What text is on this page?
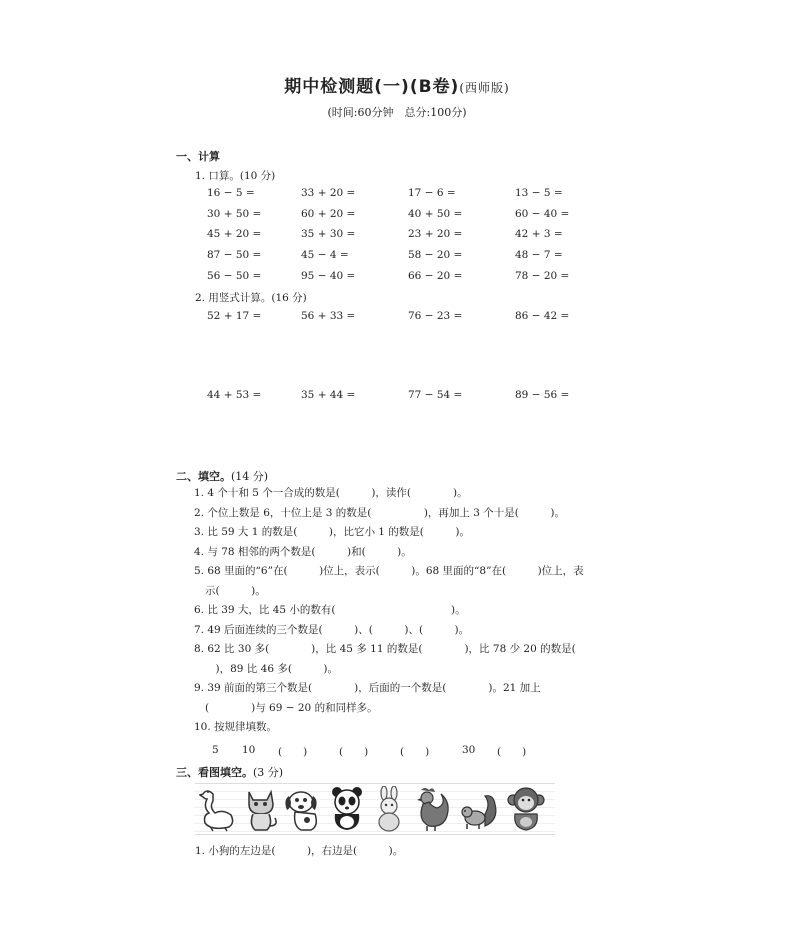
期中检测题(一)(B卷)(西师版)
(时间:60分钟　总分:100分)
一、计算
1. 口算。(10 分)
16 − 5 =	33 + 20 =	17 − 6 =	13 − 5 =
30 + 50 =	60 + 20 =	40 + 50 =	60 − 40 =
45 + 20 =	35 + 30 =	23 + 20 =	42 + 3 =
87 − 50 =	45 − 4 =	58 − 20 =	48 − 7 =
56 − 50 =	95 − 40 =	66 − 20 =	78 − 20 =
2. 用竖式计算。(16 分)
52 + 17 =	56 + 33 =	76 − 23 =	86 − 42 =
44 + 53 =	35 + 44 =	77 − 54 =	89 − 56 =
二、填空。(14 分)
1. 4 个十和 5 个一合成的数是(　　　)，读作(　　　　)。
2. 个位上数是 6，十位上是 3 的数是(　　　　　)，再加上 3 个十是(　　　)。
3. 比 59 大 1 的数是(　　　)，比它小 1 的数是(　　　)。
4. 与 78 相邻的两个数是(　　　)和(　　　)。
5. 68 里面的“6”在(　　　)位上，表示(　　　)。68 里面的“8”在(　　　)位上，表
示(　　　)。
6. 比 39 大，比 45 小的数有(　　　　　　　　　　　)。
7. 49 后面连续的三个数是(　　　)、(　　　)、(　　　)。
8. 62 比 30 多(　　　　)，比 45 多 11 的数是(　　　　)，比 78 少 20 的数是(
　)，89 比 46 多(　　　)。
9. 39 前面的第三个数是(　　　　)，后面的一个数是(　　　　)。21 加上
(　　　　)与 69 − 20 的和同样多。
10. 按规律填数。
5 10 (　　)	(　　)	(　　)	30 (　　)
三、看图填空。(3 分)
1. 小狗的左边是(　　　)，右边是(　　　)。
